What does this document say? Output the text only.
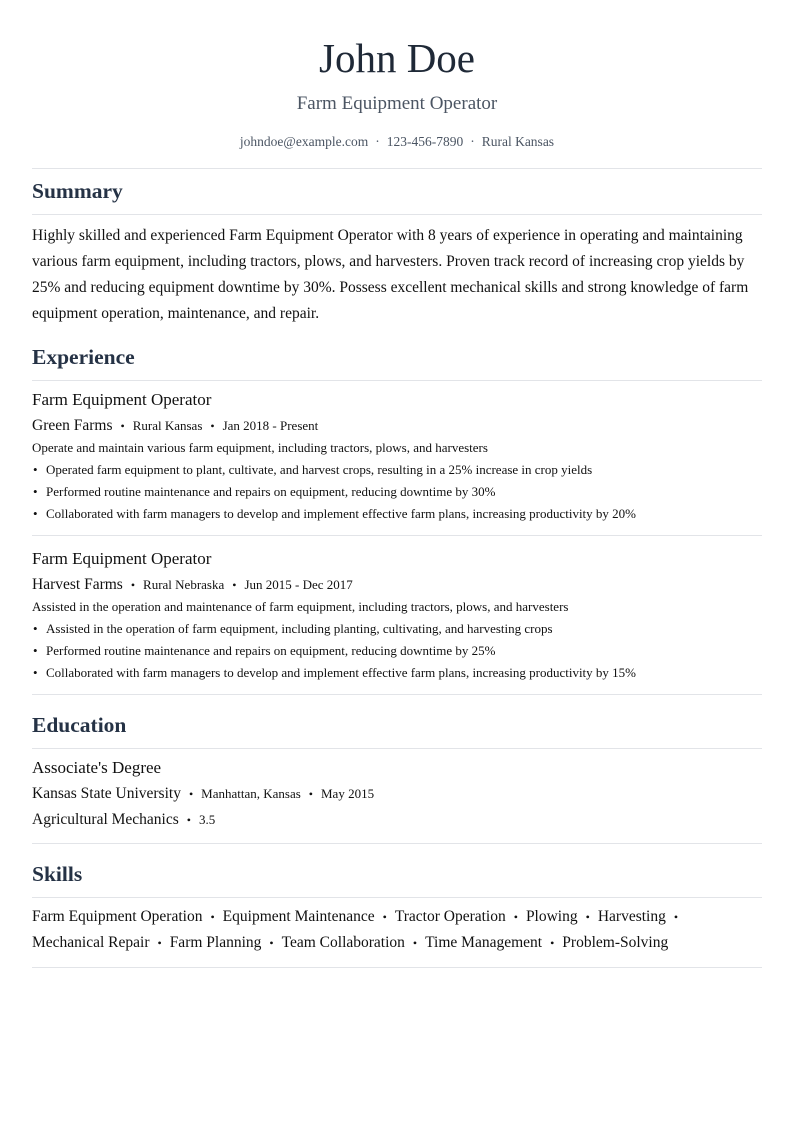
John Doe
Farm Equipment Operator
johndoe@example.com · 123-456-7890 · Rural Kansas
Summary

Highly skilled and experienced Farm Equipment Operator with 8 years of experience in operating and maintaining various farm equipment, including tractors, plows, and harvesters. Proven track record of increasing crop yields by 25% and reducing equipment downtime by 30%. Possess excellent mechanical skills and strong knowledge of farm equipment operation, maintenance, and repair.

Experience
Farm Equipment Operator
Green Farms • Rural Kansas • Jan 2018 - Present
Operate and maintain various farm equipment, including tractors, plows, and harvesters
• Operated farm equipment to plant, cultivate, and harvest crops, resulting in a 25% increase in crop yields
• Performed routine maintenance and repairs on equipment, reducing downtime by 30%
• Collaborated with farm managers to develop and implement effective farm plans, increasing productivity by 20%
Farm Equipment Operator
Harvest Farms • Rural Nebraska • Jun 2015 - Dec 2017
Assisted in the operation and maintenance of farm equipment, including tractors, plows, and harvesters
• Assisted in the operation of farm equipment, including planting, cultivating, and harvesting crops
• Performed routine maintenance and repairs on equipment, reducing downtime by 25%
• Collaborated with farm managers to develop and implement effective farm plans, increasing productivity by 15%
Education
Associate's Degree
Kansas State University • Manhattan, Kansas • May 2015
Agricultural Mechanics • 3.5
Skills
Farm Equipment Operation • Equipment Maintenance • Tractor Operation • Plowing • Harvesting •
Mechanical Repair • Farm Planning • Team Collaboration • Time Management • Problem-Solving
